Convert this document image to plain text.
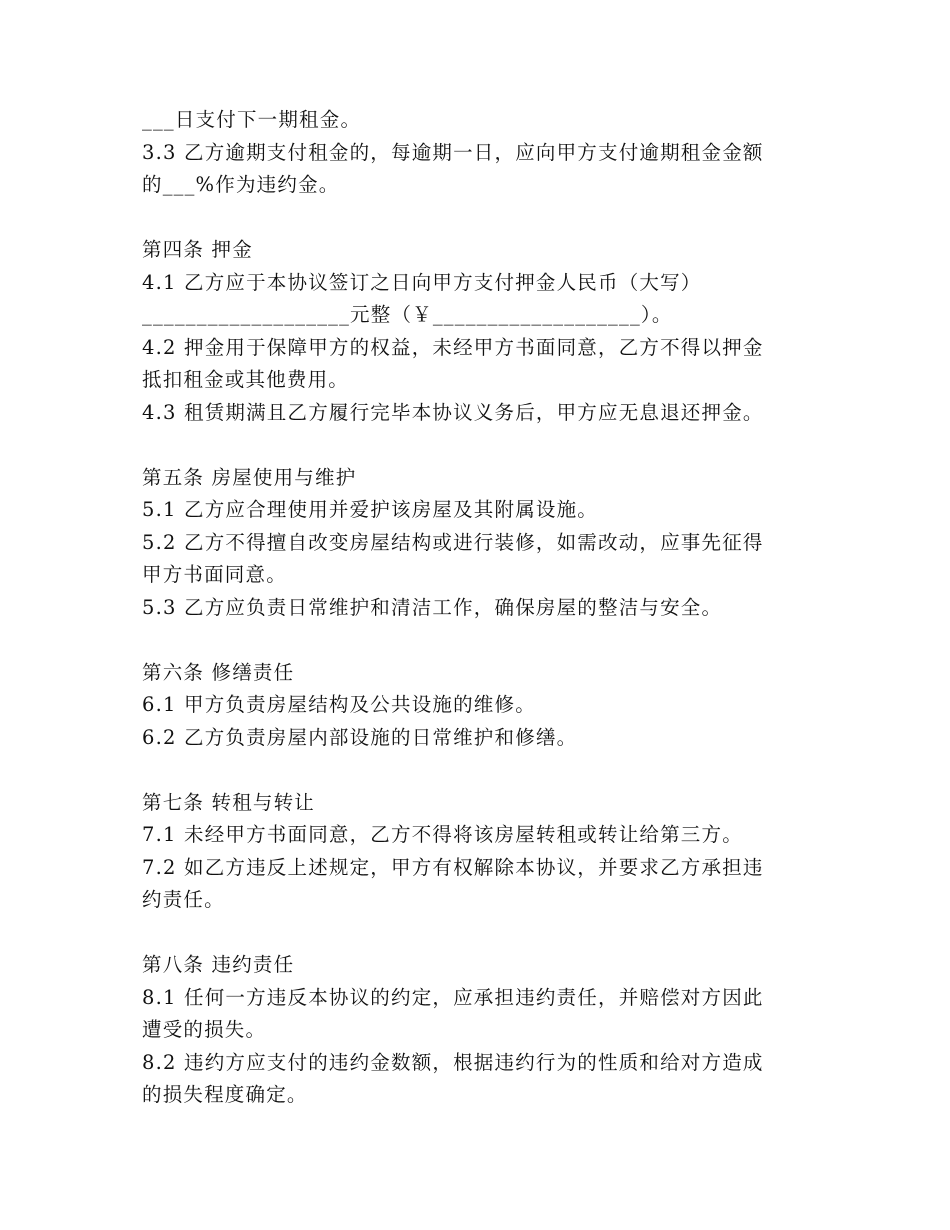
___日支付下一期租金。
3.3 乙方逾期支付租金的，每逾期一日，应向甲方支付逾期租金金额
的___%作为违约金。
第四条 押金
4.1 乙方应于本协议签订之日向甲方支付押金人民币（大写）
___________________元整（￥___________________）。
4.2 押金用于保障甲方的权益，未经甲方书面同意，乙方不得以押金
抵扣租金或其他费用。
4.3 租赁期满且乙方履行完毕本协议义务后，甲方应无息退还押金。
第五条 房屋使用与维护
5.1 乙方应合理使用并爱护该房屋及其附属设施。
5.2 乙方不得擅自改变房屋结构或进行装修，如需改动，应事先征得
甲方书面同意。
5.3 乙方应负责日常维护和清洁工作，确保房屋的整洁与安全。
第六条 修缮责任
6.1 甲方负责房屋结构及公共设施的维修。
6.2 乙方负责房屋内部设施的日常维护和修缮。
第七条 转租与转让
7.1 未经甲方书面同意，乙方不得将该房屋转租或转让给第三方。
7.2 如乙方违反上述规定，甲方有权解除本协议，并要求乙方承担违
约责任。
第八条 违约责任
8.1 任何一方违反本协议的约定，应承担违约责任，并赔偿对方因此
遭受的损失。
8.2 违约方应支付的违约金数额，根据违约行为的性质和给对方造成
的损失程度确定。
